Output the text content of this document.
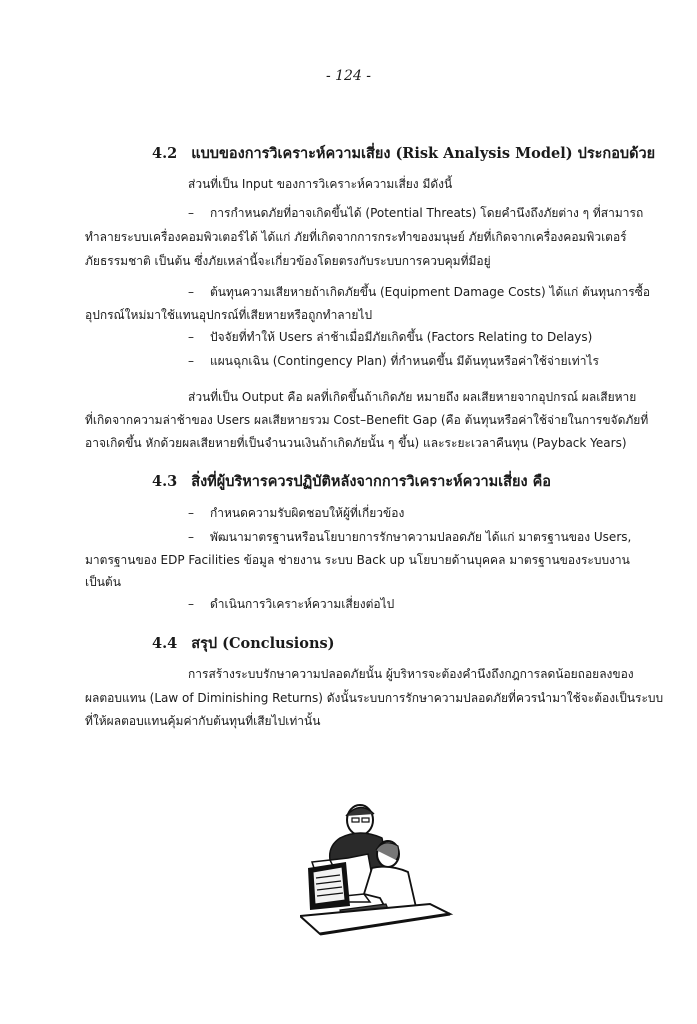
- 124 -
4.2 แบบของการวิเคราะห์ความเสี่ยง (Risk Analysis Model) ประกอบด้วย
ส่วนที่เป็น Input ของการวิเคราะห์ความเสี่ยง มีดังนี้
– การกำหนดภัยที่อาจเกิดขึ้นได้ (Potential Threats) โดยคำนึงถึงภัยต่าง ๆ ที่สามารถ
ทำลายระบบเครื่องคอมพิวเตอร์ได้ ได้แก่ ภัยที่เกิดจากการกระทำของมนุษย์ ภัยที่เกิดจากเครื่องคอมพิวเตอร์
ภัยธรรมชาติ เป็นต้น ซึ่งภัยเหล่านี้จะเกี่ยวข้องโดยตรงกับระบบการควบคุมที่มีอยู่
– ต้นทุนความเสียหายถ้าเกิดภัยขึ้น (Equipment Damage Costs) ได้แก่ ต้นทุนการซื้อ
อุปกรณ์ใหม่มาใช้แทนอุปกรณ์ที่เสียหายหรือถูกทำลายไป
– ปัจจัยที่ทำให้ Users ล่าช้าเมื่อมีภัยเกิดขึ้น (Factors Relating to Delays)
– แผนฉุกเฉิน (Contingency Plan) ที่กำหนดขึ้น มีต้นทุนหรือค่าใช้จ่ายเท่าไร
ส่วนที่เป็น Output คือ ผลที่เกิดขึ้นถ้าเกิดภัย หมายถึง ผลเสียหายจากอุปกรณ์ ผลเสียหาย
ที่เกิดจากความล่าช้าของ Users ผลเสียหายรวม Cost–Benefit Gap (คือ ต้นทุนหรือค่าใช้จ่ายในการขจัดภัยที่
อาจเกิดขึ้น หักด้วยผลเสียหายที่เป็นจำนวนเงินถ้าเกิดภัยนั้น ๆ ขึ้น) และระยะเวลาคืนทุน (Payback Years)
4.3 สิ่งที่ผู้บริหารควรปฏิบัติหลังจากการวิเคราะห์ความเสี่ยง คือ
– กำหนดความรับผิดชอบให้ผู้ที่เกี่ยวข้อง
– พัฒนามาตรฐานหรือนโยบายการรักษาความปลอดภัย ได้แก่ มาตรฐานของ Users,
มาตรฐานของ EDP Facilities ข้อมูล ช่ายงาน ระบบ Back up นโยบายด้านบุคคล มาตรฐานของระบบงาน
เป็นต้น
– ดำเนินการวิเคราะห์ความเสี่ยงต่อไป
4.4 สรุป (Conclusions)
การสร้างระบบรักษาความปลอดภัยนั้น ผู้บริหารจะต้องคำนึงถึงกฎการลดน้อยถอยลงของ
ผลตอบแทน (Law of Diminishing Returns) ดังนั้นระบบการรักษาความปลอดภัยที่ควรนำมาใช้จะต้องเป็นระบบ
ที่ให้ผลตอบแทนคุ้มค่ากับต้นทุนที่เสียไปเท่านั้น
